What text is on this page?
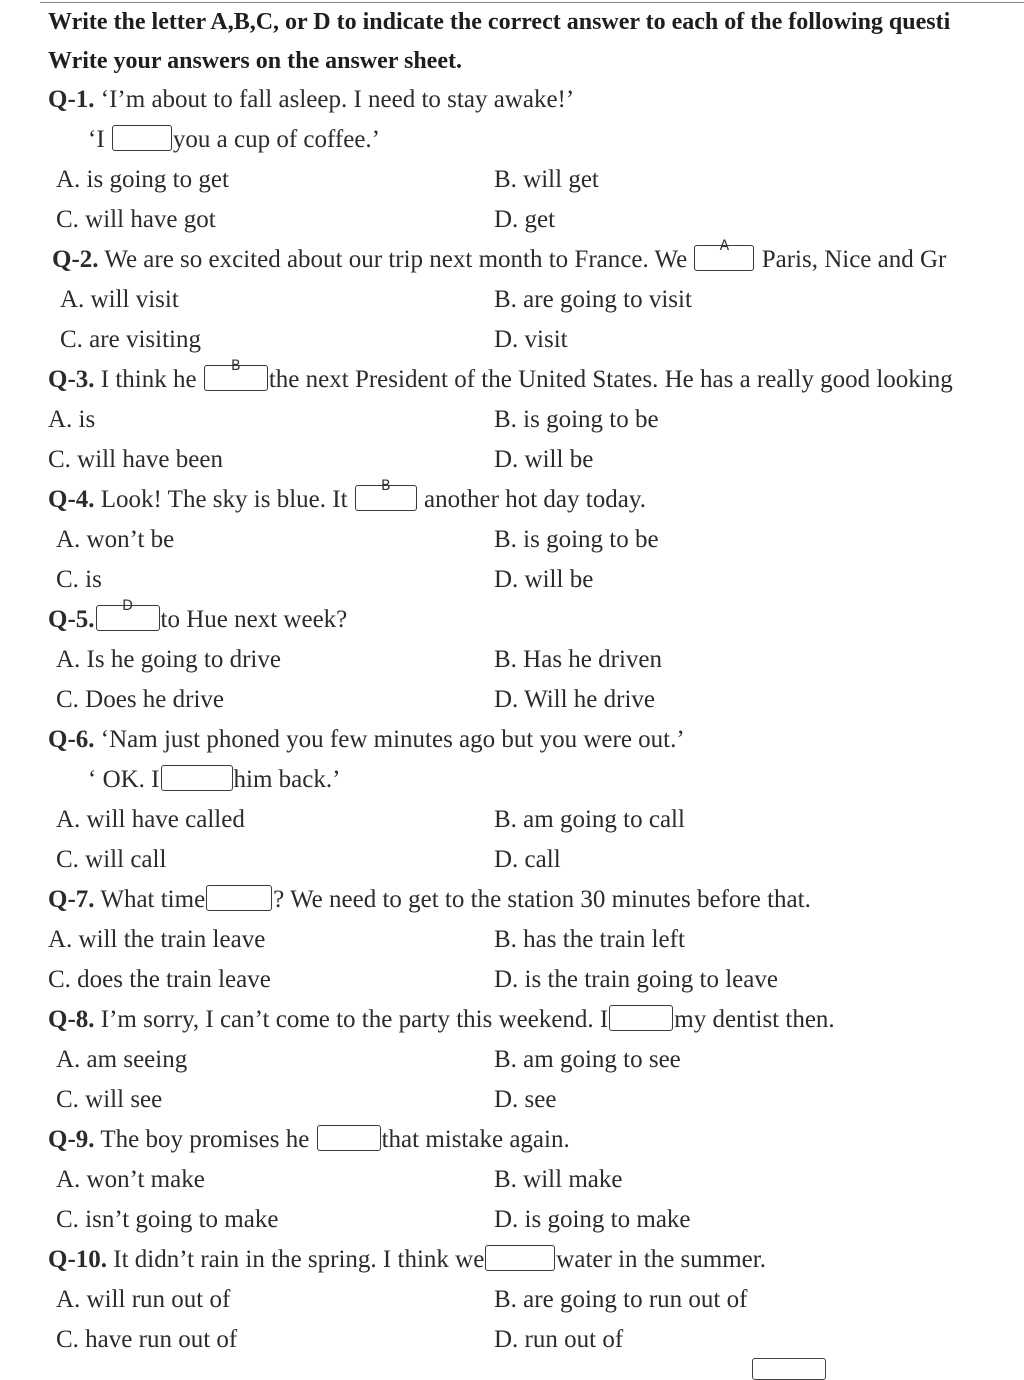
Write the letter A,B,C, or D to indicate the correct answer to each of the following questi
Write your answers on the answer sheet.
Q-1. ‘I’m about to fall asleep. I need to stay awake!’
‘I	you a cup of coffee.’
A. is going to get	B. will get
C. will have got	D. get
Q-2. We are so excited about our trip next month to France. We	A	Paris, Nice and Gr
A. will visit	B. are going to visit
C. are visiting	D. visit
Q-3. I think he	B	the next President of the United States. He has a really good looking
A. is	B. is going to be
C. will have been	D. will be
Q-4. Look! The sky is blue. It	B	another hot day today.
A. won’t be	B. is going to be
C. is	D. will be
Q-5.	D	to Hue next week?
A. Is he going to drive	B. Has he driven
C. Does he drive	D. Will he drive
Q-6. ‘Nam just phoned you few minutes ago but you were out.’
‘ OK. I	him back.’
A. will have called	B. am going to call
C. will call	D. call
Q-7. What time	? We need to get to the station 30 minutes before that.
A. will the train leave	B. has the train left
C. does the train leave	D. is the train going to leave
Q-8. I’m sorry, I can’t come to the party this weekend. I	my dentist then.
A. am seeing	B. am going to see
C. will see	D. see
Q-9. The boy promises he	that mistake again.
A. won’t make	B. will make
C. isn’t going to make	D. is going to make
Q-10. It didn’t rain in the spring. I think we	water in the summer.
A. will run out of	B. are going to run out of
C. have run out of	D. run out of
